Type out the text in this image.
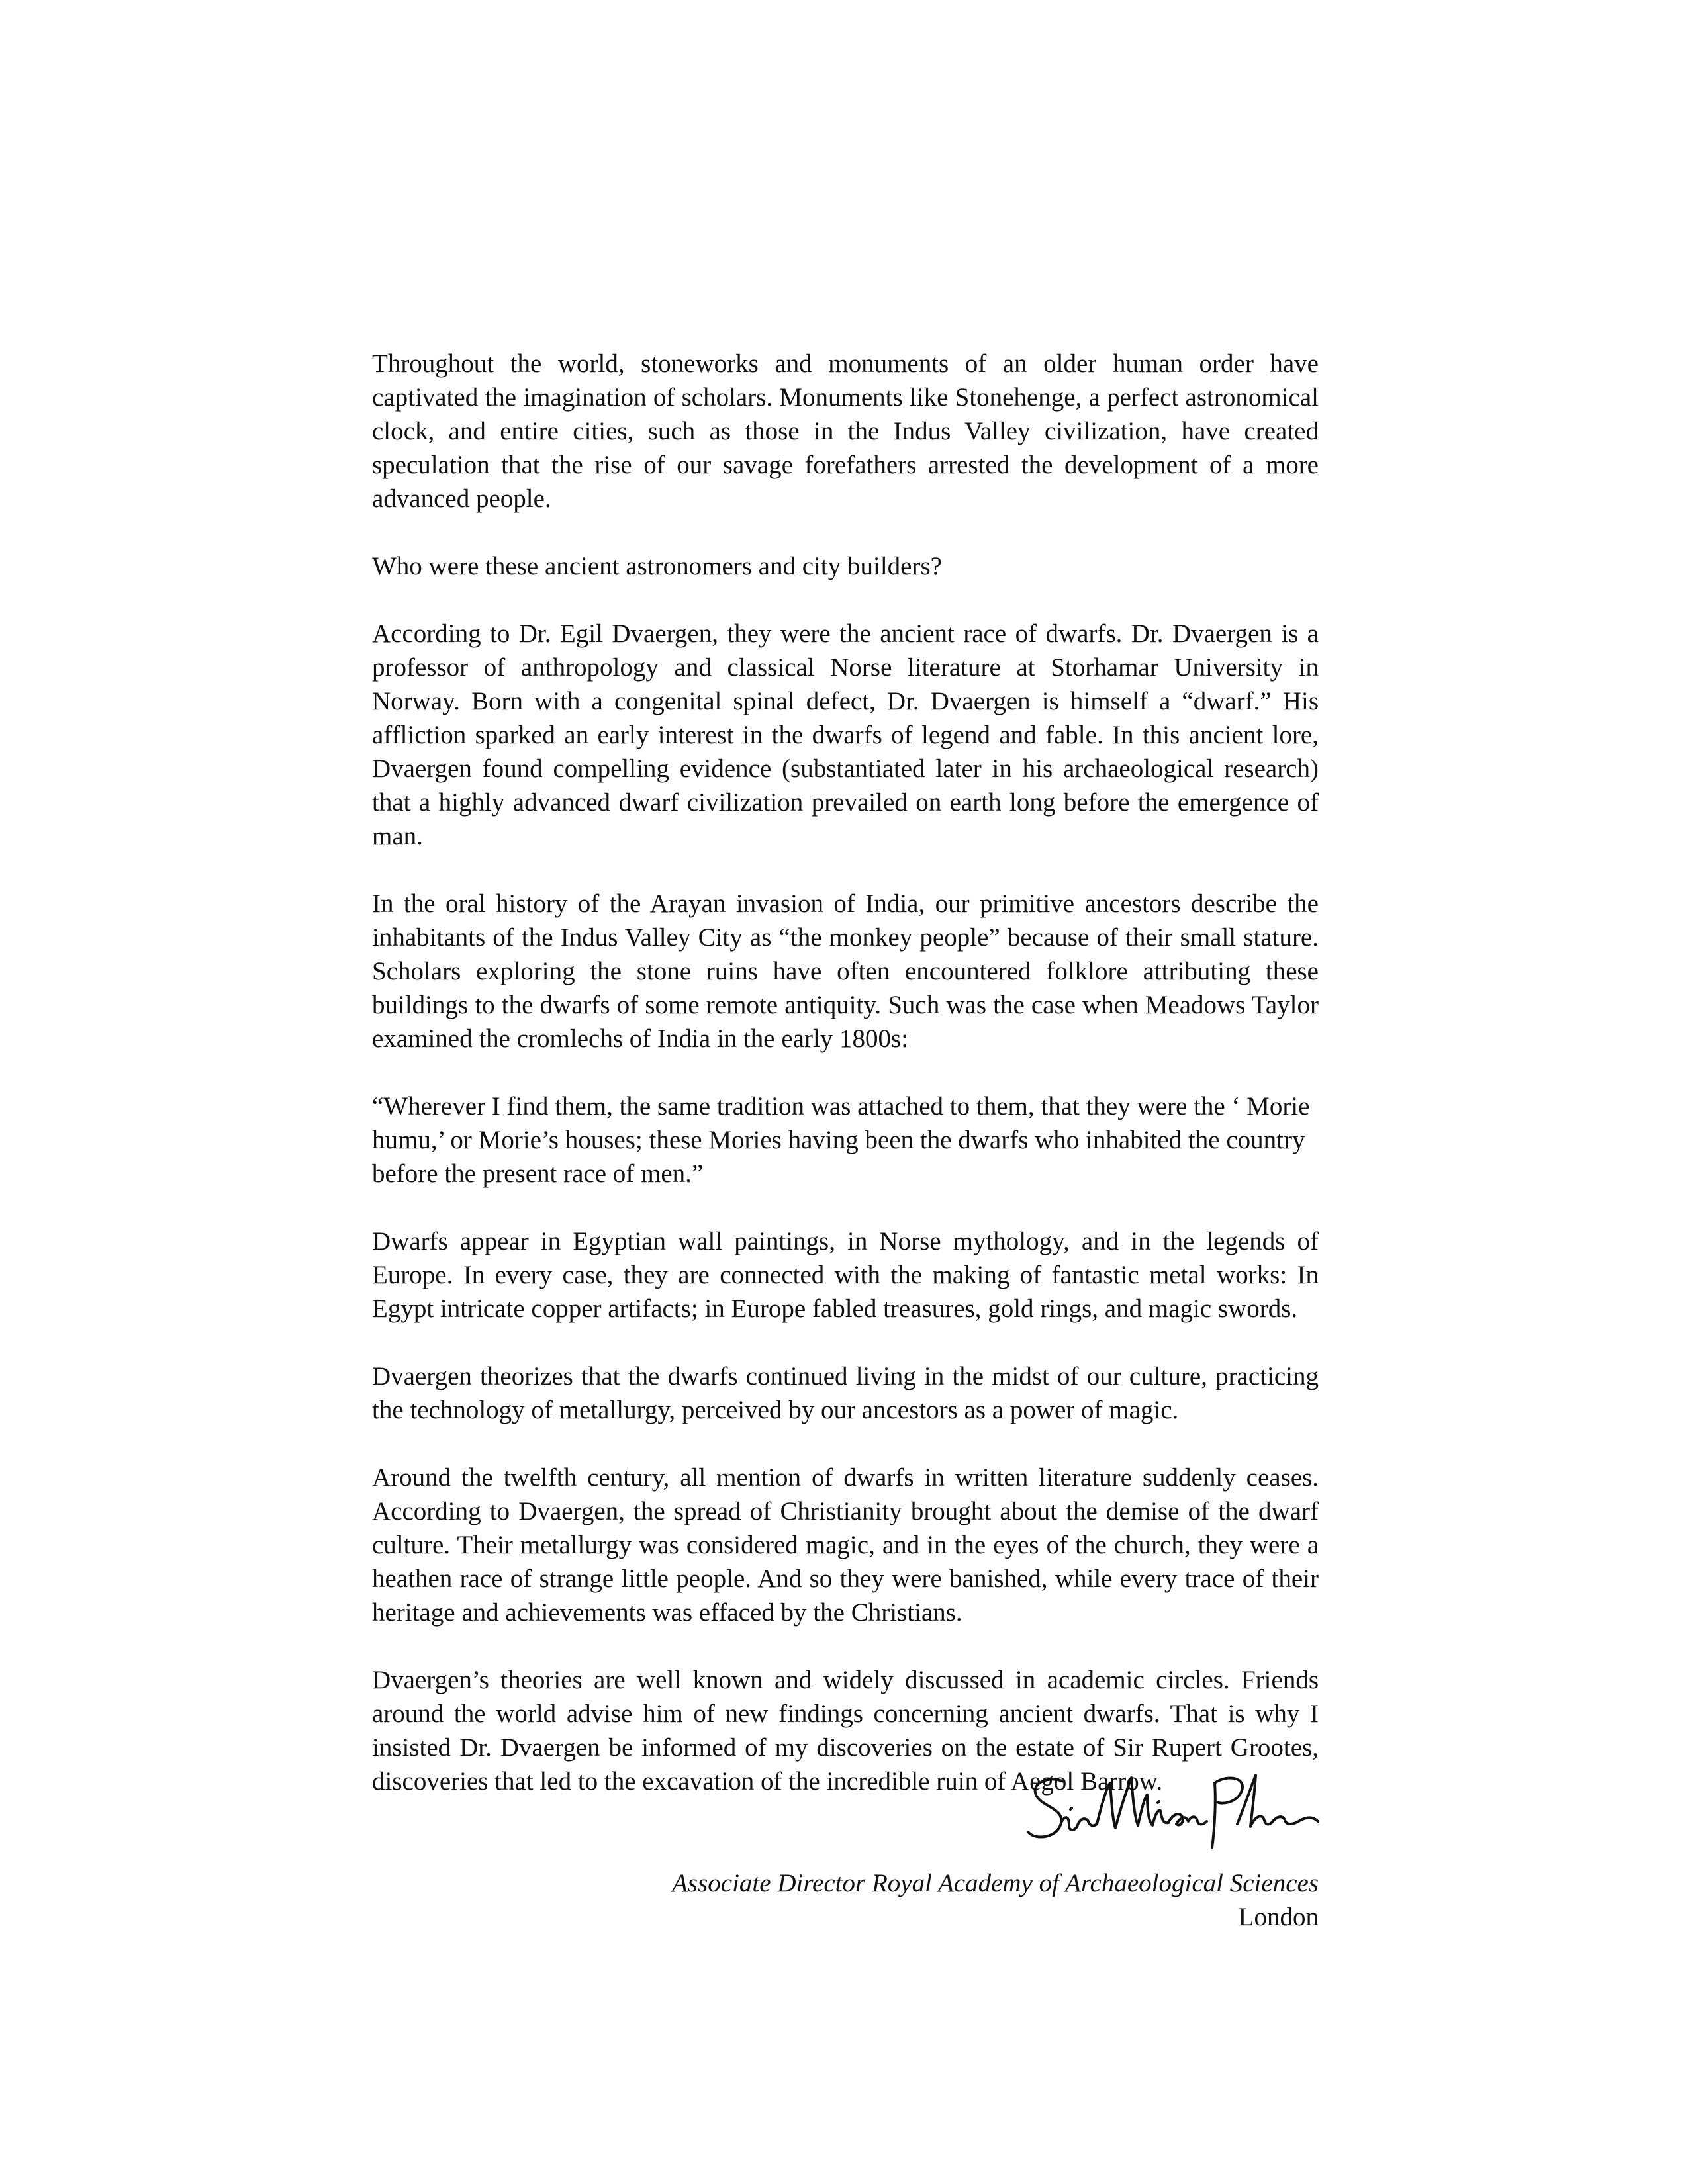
Throughout the world, stoneworks and monuments of an older human order have captivated the imagination of scholars. Monuments like Stonehenge, a perfect astronomical clock, and entire cities, such as those in the Indus Valley civilization, have created speculation that the rise of our savage forefathers arrested the development of a more advanced people.

Who were these ancient astronomers and city builders?

According to Dr. Egil Dvaergen, they were the ancient race of dwarfs. Dr. Dvaergen is a professor of anthropology and classical Norse literature at Storhamar University in Norway. Born with a congenital spinal defect, Dr. Dvaergen is himself a “dwarf.” His affliction sparked an early interest in the dwarfs of legend and fable. In this ancient lore, Dvaergen found compelling evidence (substantiated later in his archaeological research) that a highly advanced dwarf civilization prevailed on earth long before the emergence of man.

In the oral history of the Arayan invasion of India, our primitive ancestors describe the inhabitants of the Indus Valley City as “the monkey people” because of their small stature. Scholars exploring the stone ruins have often encountered folklore attributing these buildings to the dwarfs of some remote antiquity. Such was the case when Meadows Taylor examined the cromlechs of India in the early 1800s:

“Wherever I find them, the same tradition was attached to them, that they were the ‘ Morie humu,’ or Morie’s houses; these Mories having been the dwarfs who inhabited the country before the present race of men.”

Dwarfs appear in Egyptian wall paintings, in Norse mythology, and in the legends of Europe. In every case, they are connected with the making of fantastic metal works: In Egypt intricate copper artifacts; in Europe fabled treasures, gold rings, and magic swords.

Dvaergen theorizes that the dwarfs continued living in the midst of our culture, practicing the technology of metallurgy, perceived by our ancestors as a power of magic.

Around the twelfth century, all mention of dwarfs in written literature suddenly ceases. According to Dvaergen, the spread of Christianity brought about the demise of the dwarf culture. Their metallurgy was considered magic, and in the eyes of the church, they were a heathen race of strange little people. And so they were banished, while every trace of their heritage and achievements was effaced by the Christians.

Dvaergen’s theories are well known and widely discussed in academic circles. Friends around the world advise him of new findings concerning ancient dwarfs. That is why I insisted Dr. Dvaergen be informed of my discoveries on the estate of Sir Rupert Grootes, discoveries that led to the excavation of the incredible ruin of Aegol Barrow.

Associate Director Royal Academy of Archaeological Sciences
London
